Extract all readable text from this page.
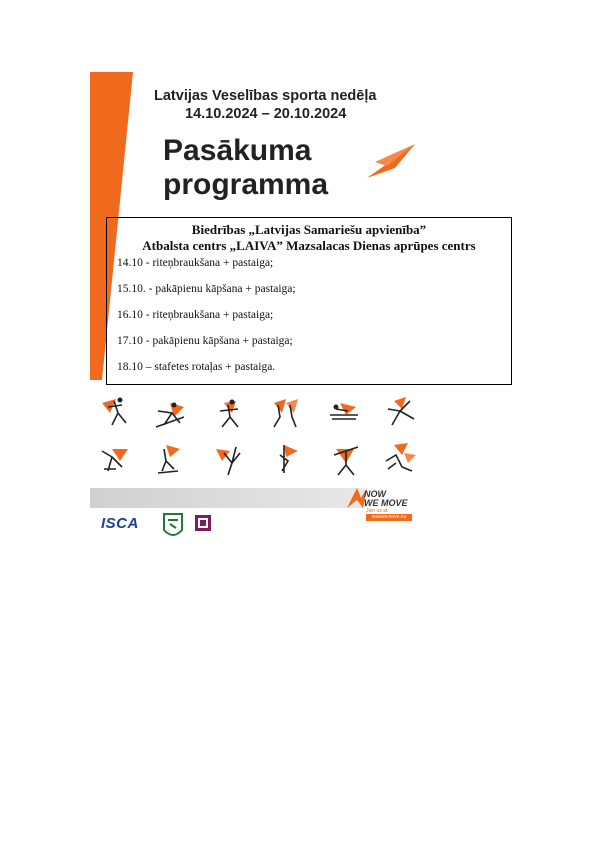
Latvijas Veselības sporta nedēļa
14.10.2024 – 20.10.2024
Pasākuma
programma
Biedrības „Latvijas Samariešu apvienība”
Atbalsta centrs „LAIVA” Mazsalacas Dienas aprūpes centrs
14.10 - riteņbraukšana + pastaiga;
15.10. - pakāpienu kāpšana + pastaiga;
16.10 - riteņbraukšana + pastaiga;
17.10 - pakāpienu kāpšana + pastaiga;
18.10 – stafetes rotaļas + pastaiga.
NOW
WE MOVE
Join us at
nowwemove.eu
ISCA
